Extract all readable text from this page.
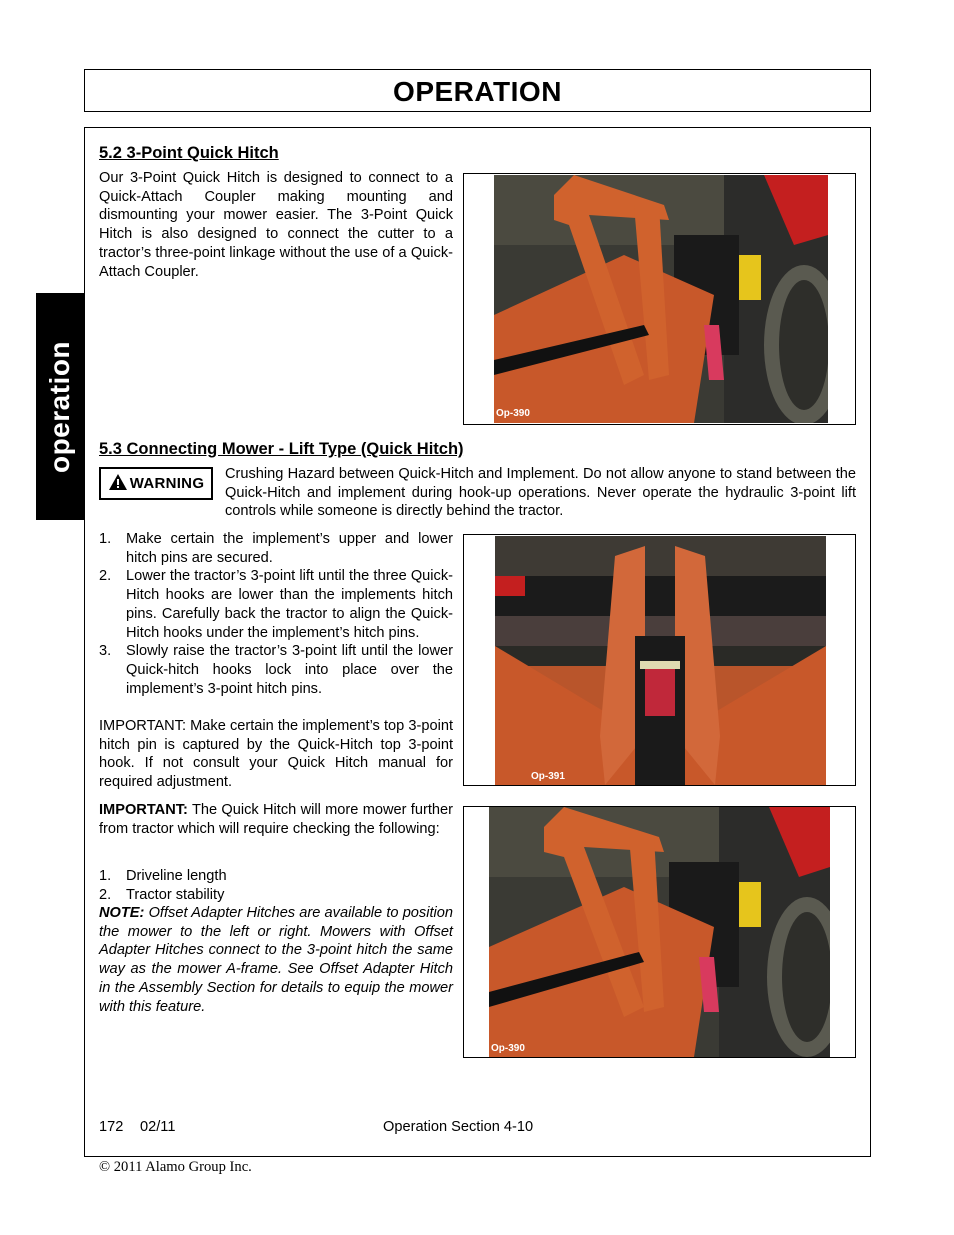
OPERATION
operation
5.2 3-Point Quick Hitch

Our 3-Point Quick Hitch is designed to connect to a Quick-Attach Coupler making mounting and dismounting your mower easier. The 3-Point Quick Hitch is also designed to connect the cutter to a tractor’s three-point linkage without the use of a Quick-Attach Coupler.

Op-390
5.3 Connecting Mower - Lift Type (Quick Hitch)
WARNING

Crushing Hazard between Quick-Hitch and Implement. Do not allow anyone to stand between the Quick-Hitch and implement during hook-up operations. Never operate the hydraulic 3-point lift controls while someone is directly behind the tractor.

1. Make certain the implement’s upper and lower hitch pins are secured.
2. Lower the tractor’s 3-point lift until the three Quick-Hitch hooks are lower than the implements hitch pins. Carefully back the tractor to align the Quick-Hitch hooks under the implement’s hitch pins.
3. Slowly raise the tractor’s 3-point lift until the lower Quick-hitch hooks lock into place over the implement’s 3-point hitch pins.

IMPORTANT: Make certain the implement’s top 3-point hitch pin is captured by the Quick-Hitch top 3-point hook. If not consult your Quick Hitch manual for required adjustment.	Op-391

IMPORTANT: The Quick Hitch will more mower further from tractor which will require checking the following:

1. Driveline length
2. Tractor stability

NOTE: Offset Adapter Hitches are available to position the mower to the left or right. Mowers with Offset Adapter Hitches connect to the 3-point hitch the same way as the mower A-frame. See Offset Adapter Hitch in the Assembly Section for details to equip the mower with this feature.

Op-390
172 02/11	Operation Section 4-10
© 2011 Alamo Group Inc.
